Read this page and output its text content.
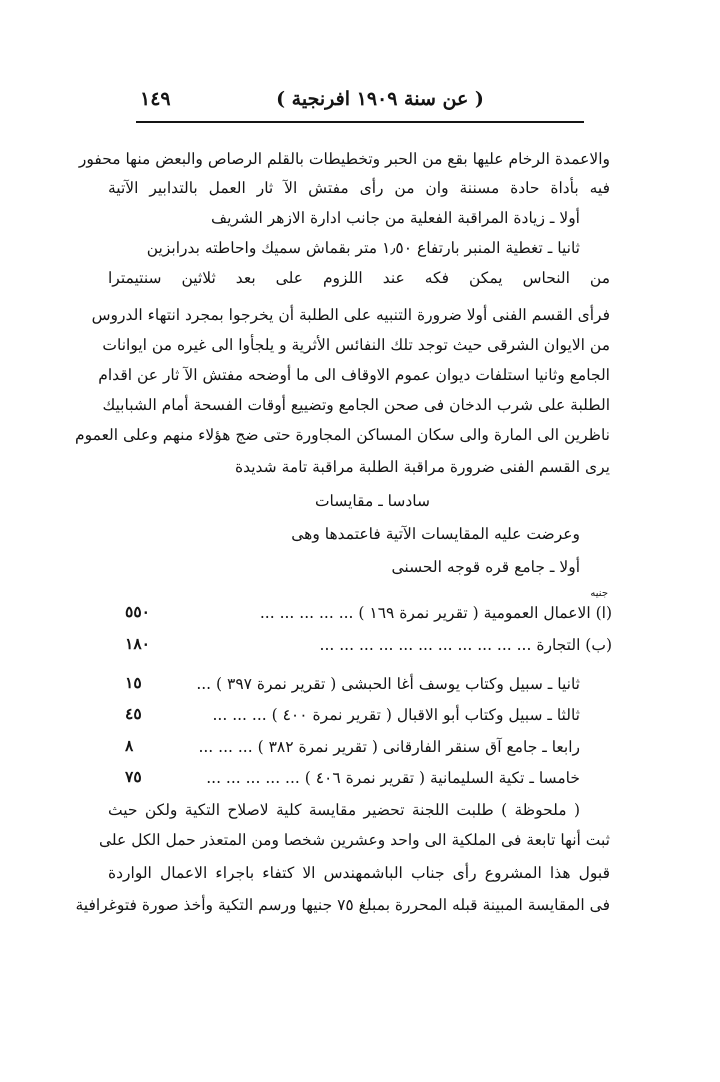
( عن سنة ١٩٠٩ افرنجية )
١٤٩
والاعمدة الرخام عليها بقع من الحبر وتخطيطات بالقلم الرصاص والبعض منها محفور
فيه بأداة حادة مسننة وان من رأى مفتش الآ ثار العمل بالتدابير الآتية
أولا ـ زيادة المراقبة الفعلية من جانب ادارة الازهر الشريف
ثانيا ـ تغطية المنبر بارتفاع ١٫٥٠ متر بقماش سميك واحاطته بدرابزين
من النحاس يمكن فكه عند اللزوم على بعد ثلاثين سنتيمترا
فرأى القسم الفنى أولا ضرورة التنبيه على الطلبة أن يخرجوا بمجرد انتهاء الدروس
من الايوان الشرقى حيث توجد تلك النفائس الأثرية و يلجأوا الى غيره من ايوانات
الجامع وثانيا استلفات ديوان عموم الاوقاف الى ما أوضحه مفتش الآ ثار عن اقدام
الطلبة على شرب الدخان فى صحن الجامع وتضييع أوقات الفسحة أمام الشبابيك
ناظرين الى المارة والى سكان المساكن المجاورة حتى ضج هؤلاء منهم وعلى العموم
يرى القسم الفنى ضرورة مراقبة الطلبة مراقبة تامة شديدة
سادسا ـ مقايسات
وعرضت عليه المقايسات الآتية فاعتمدها وهى
أولا ـ جامع قره قوجه الحسنى
جنيه
(ا) الاعمال العمومية ( تقرير نمرة ١٦٩ ) ... ... ... ... ...
٥٥٠
(ب) التجارة ... ... ... ... ... ... ... ... ... ... ...
١٨٠
ثانيا ـ سبيل وكتاب يوسف أغا الحبشى ( تقرير نمرة ٣٩٧ ) ...
١٥
ثالثا ـ سبيل وكتاب أبو الاقبال ( تقرير نمرة ٤٠٠ ) ... ... ...
٤٥
رابعا ـ جامع آق سنقر الفارقانى ( تقرير نمرة ٣٨٢ ) ... ... ...
٨
خامسا ـ تكية السليمانية ( تقرير نمرة ٤٠٦ ) ... ... ... ... ...
٧٥
( ملحوظة ) طلبت اللجنة تحضير مقايسة كلية لاصلاح التكية ولكن حيث
ثبت أنها تابعة فى الملكية الى واحد وعشرين شخصا ومن المتعذر حمل الكل على
قبول هذا المشروع رأى جناب الباشمهندس الا كتفاء باجراء الاعمال الواردة
فى المقايسة المبينة قبله المحررة بمبلغ ٧٥ جنيها ورسم التكية وأخذ صورة فتوغرافية
